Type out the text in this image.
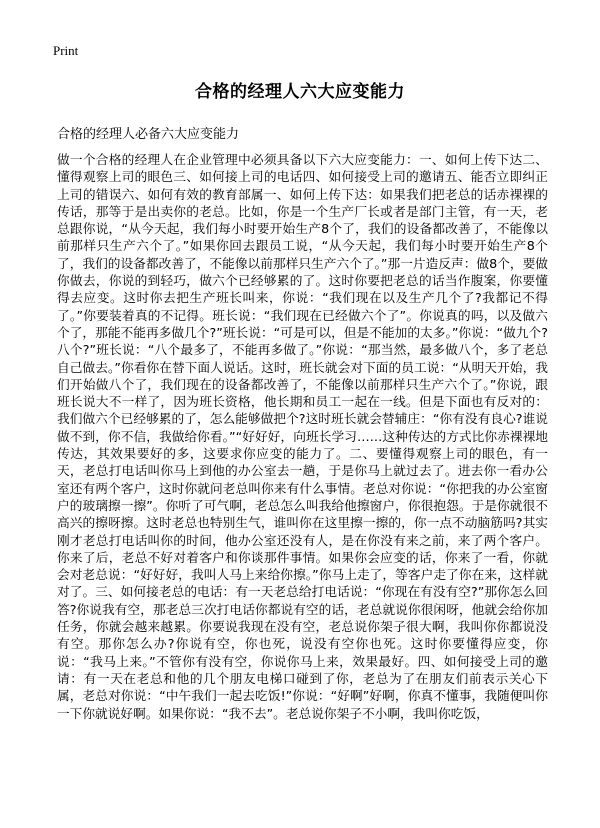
Print
合格的经理人六大应变能力
合格的经理人必备六大应变能力

做一个合格的经理人在企业管理中必须具备以下六大应变能力：一、如何上传下达二、懂得观察上司的眼色三、如何接上司的电话四、如何接受上司的邀请五、能否立即纠正上司的错误六、如何有效的教育部属一、如何上传下达：如果我们把老总的话赤裸裸的传话，那等于是出卖你的老总。比如，你是一个生产厂长或者是部门主管，有一天，老总跟你说，“从今天起，我们每小时要开始生产8个了，我们的设备都改善了，不能像以前那样只生产六个了。”如果你回去跟员工说，“从今天起，我们每小时要开始生产8个了，我们的设备都改善了，不能像以前那样只生产六个了。”那一片造反声：做8个，要做你做去，你说的到轻巧，做六个已经够累的了。这时你要把老总的话当作腹案，你要懂得去应变。这时你去把生产班长叫来，你说：“我们现在以及生产几个了?我都记不得了。”你要装着真的不记得。班长说：“我们现在已经做六个了”。你说真的吗，以及做六个了，那能不能再多做几个?”班长说：“可是可以，但是不能加的太多。”你说：“做九个?八个?”班长说：“八个最多了，不能再多做了。”你说：“那当然，最多做八个，多了老总自己做去。”你看你在替下面人说话。这时，班长就会对下面的员工说：“从明天开始，我们开始做八个了，我们现在的设备都改善了，不能像以前那样只生产六个了。”你说，跟班长说大不一样了，因为班长资格，他长期和员工一起在一线。但是下面也有反对的：我们做六个已经够累的了，怎么能够做把个?这时班长就会替辅庄：“你有没有良心?谁说做不到，你不信，我做给你看。”“好好好，向班长学习……这种传达的方式比你赤裸裸地传达，其效果要好的多，这要求你应变的能力了。二、要懂得观察上司的眼色，有一天，老总打电话叫你马上到他的办公室去一趟，于是你马上就过去了。进去你一看办公室还有两个客户，这时你就问老总叫你来有什么事情。老总对你说：“你把我的办公室窗户的玻璃擦一擦”。你听了可气啊，老总怎么叫我给他擦窗户，你很抱怨。于是你就很不高兴的擦呀擦。这时老总也特别生气，谁叫你在这里擦一擦的，你一点不动脑筋吗?其实刚才老总打电话叫你的时间，他办公室还没有人，是在你没有来之前，来了两个客户。你来了后，老总不好对着客户和你谈那件事情。如果你会应变的话，你来了一看，你就会对老总说：“好好好，我叫人马上来给你擦。”你马上走了，等客户走了你在来，这样就对了。三、如何接老总的电话：有一天老总给打电话说：“你现在有没有空?”那你怎么回答?你说我有空，那老总三次打电话你都说有空的话，老总就说你很闲呀，他就会给你加任务，你就会越来越累。你要说我现在没有空，老总说你架子很大啊，我叫你你都说没有空。那你怎么办?你说有空，你也死，说没有空你也死。这时你要懂得应变，你说：“我马上来。”不管你有没有空，你说你马上来，效果最好。四、如何接受上司的邀请：有一天在老总和他的几个朋友电梯口碰到了你，老总为了在朋友们前表示关心下属，老总对你说：“中午我们一起去吃饭!”你说：“好啊”好啊，你真不懂事，我随便叫你一下你就说好啊。如果你说：“我不去”。老总说你架子不小啊，我叫你吃饭，
